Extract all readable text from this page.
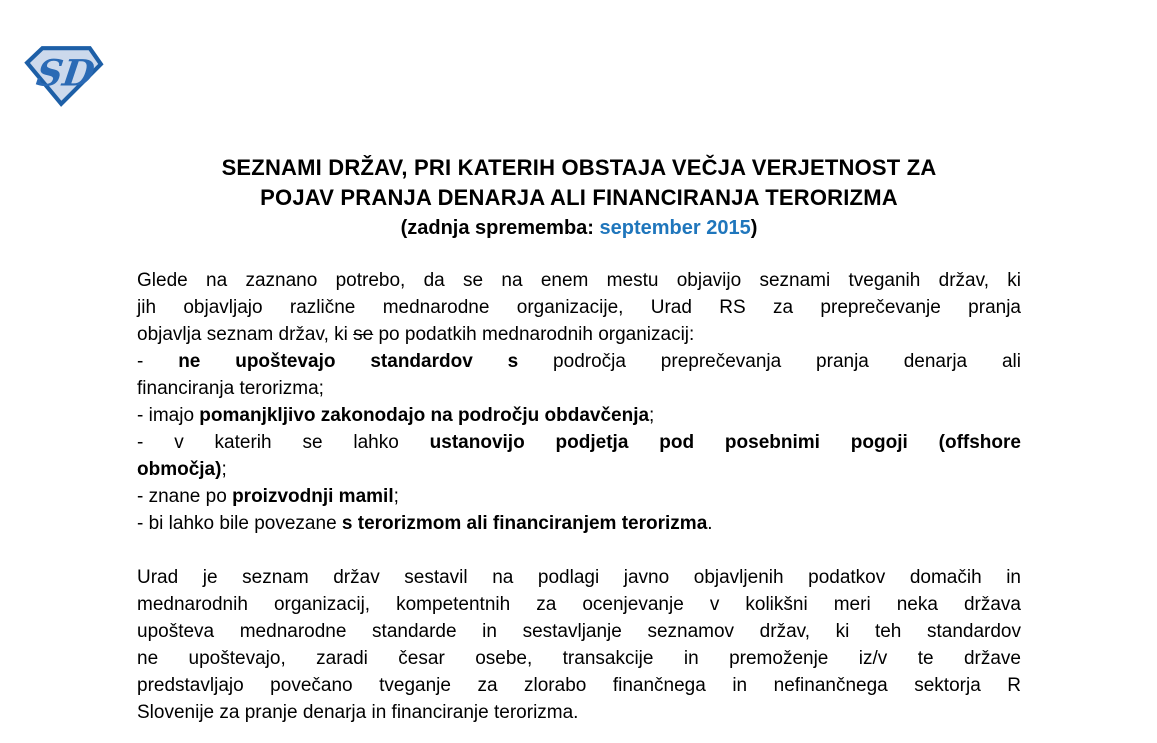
SD
SEZNAMI DRŽAV, PRI KATERIH OBSTAJA VEČJA VERJETNOST ZA
POJAV PRANJA DENARJA ALI FINANCIRANJA TERORIZMA
(zadnja sprememba: september 2015)
Glede na zaznano potrebo, da se na enem mestu objavijo seznami tveganih držav, ki
jih objavljajo različne mednarodne organizacije, Urad RS za preprečevanje pranja
objavlja seznam držav, ki se po podatkih mednarodnih organizacij:
- ne upoštevajo standardov s področja preprečevanja pranja denarja ali
financiranja terorizma;
- imajo pomanjkljivo zakonodajo na področju obdavčenja;
- v katerih se lahko ustanovijo podjetja pod posebnimi pogoji (offshore
območja);
- znane po proizvodnji mamil;
- bi lahko bile povezane s terorizmom ali financiranjem terorizma.
Urad je seznam držav sestavil na podlagi javno objavljenih podatkov domačih in
mednarodnih organizacij, kompetentnih za ocenjevanje v kolikšni meri neka država
upošteva mednarodne standarde in sestavljanje seznamov držav, ki teh standardov
ne upoštevajo, zaradi česar osebe, transakcije in premoženje iz/v te države
predstavljajo povečano tveganje za zlorabo finančnega in nefinančnega sektorja R
Slovenije za pranje denarja in financiranje terorizma.
